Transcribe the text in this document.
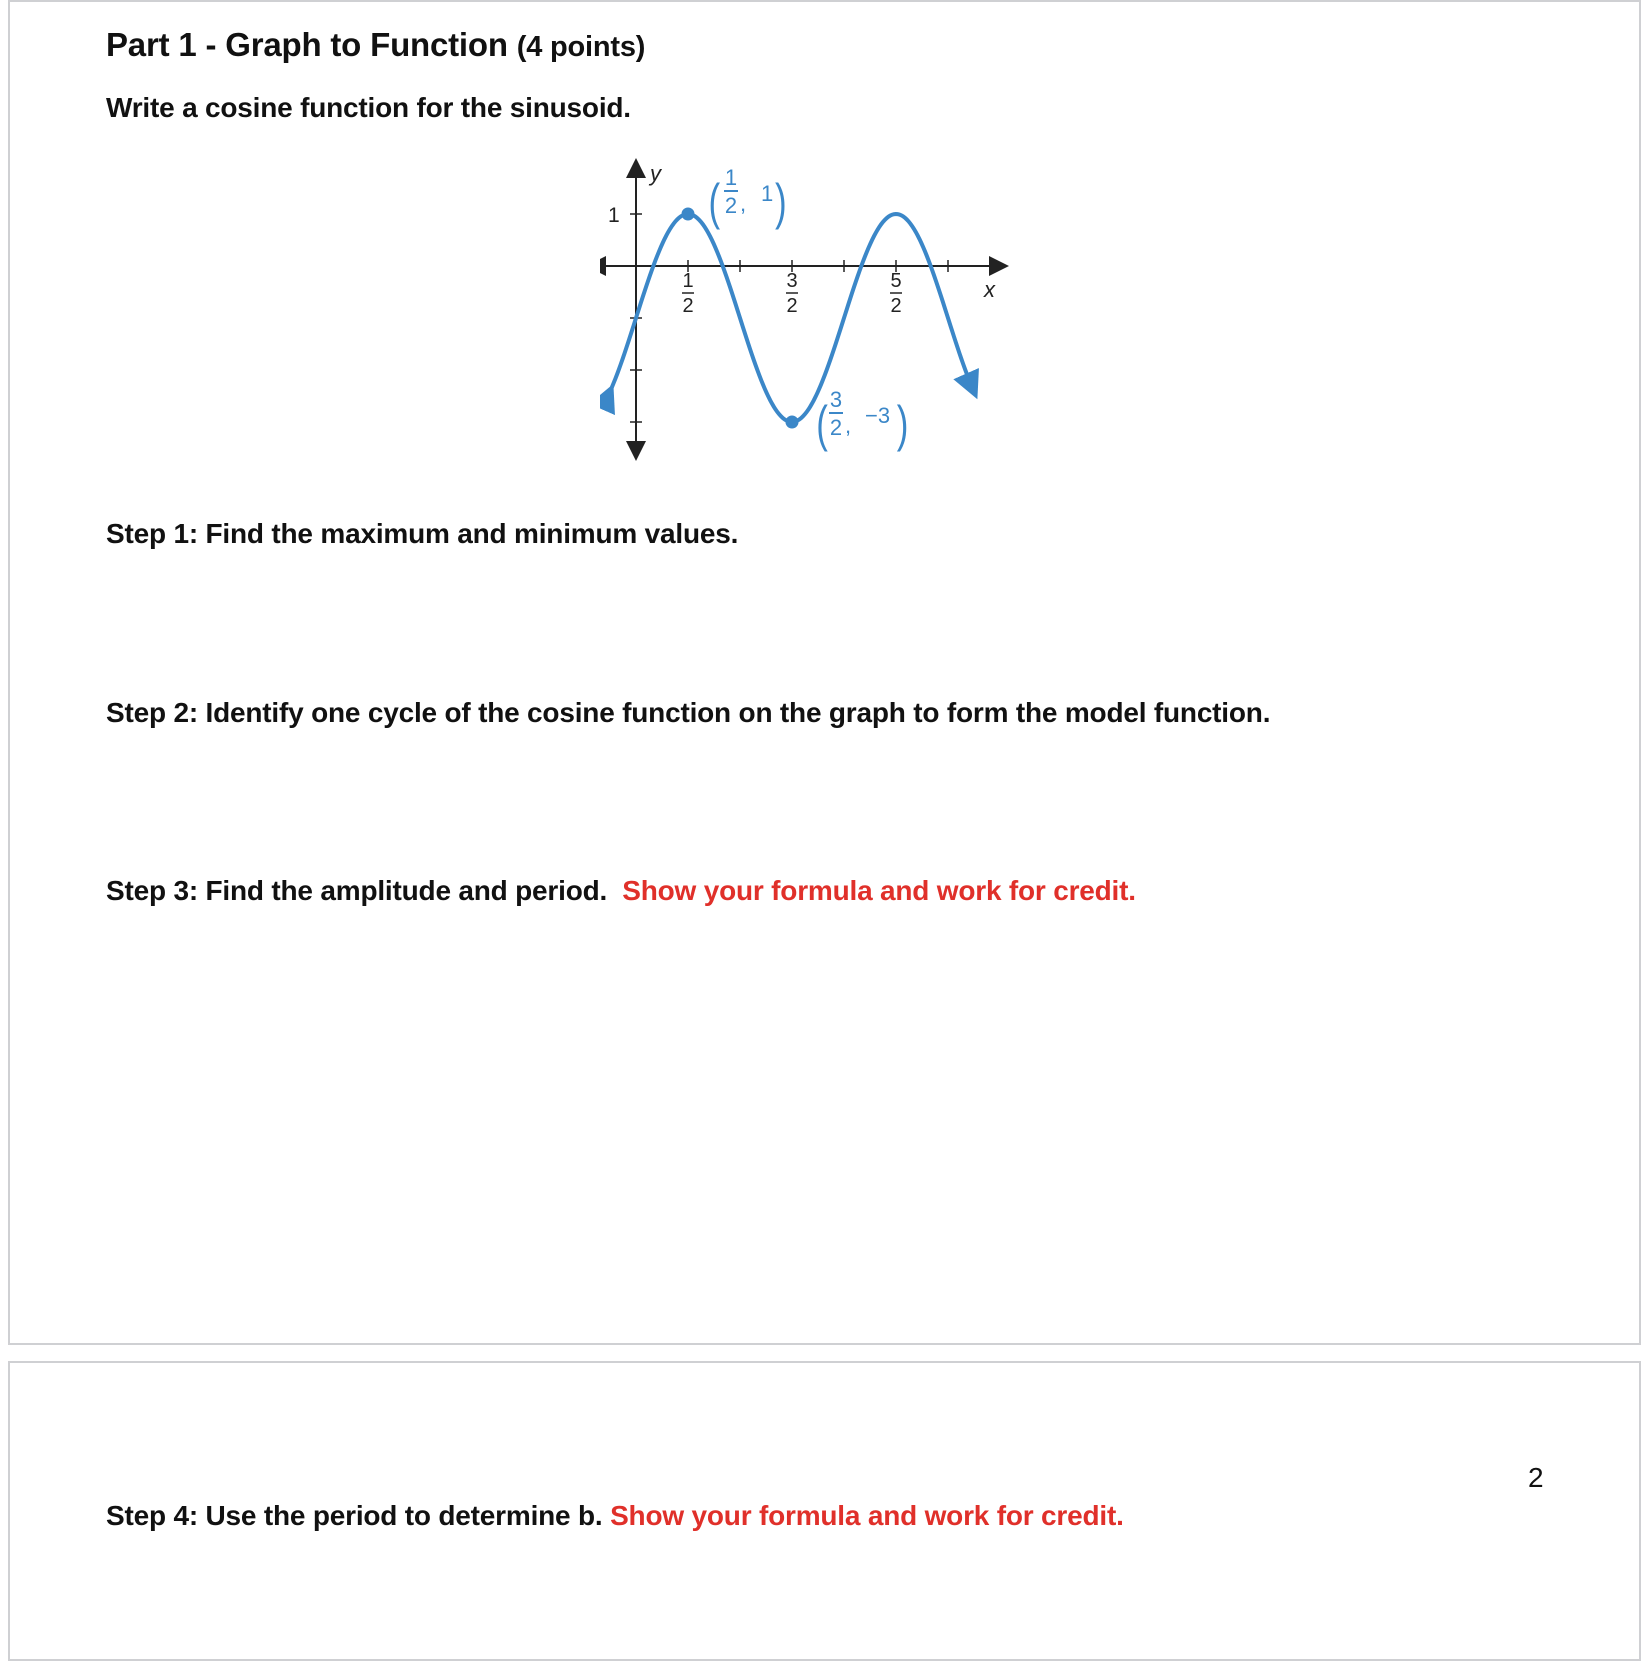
Part 1 - Graph to Function (4 points)

Write a cosine function for the sinusoid.

y
x
1
1
2
3
2
5
2
( 1
2 , 1 )
( 3
2 , −3 )

Step 1: Find the maximum and minimum values.

Step 2: Identify one cycle of the cosine function on the graph to form the model function.

Step 3: Find the amplitude and period. Show your formula and work for credit.

2

Step 4: Use the period to determine b. Show your formula and work for credit.
